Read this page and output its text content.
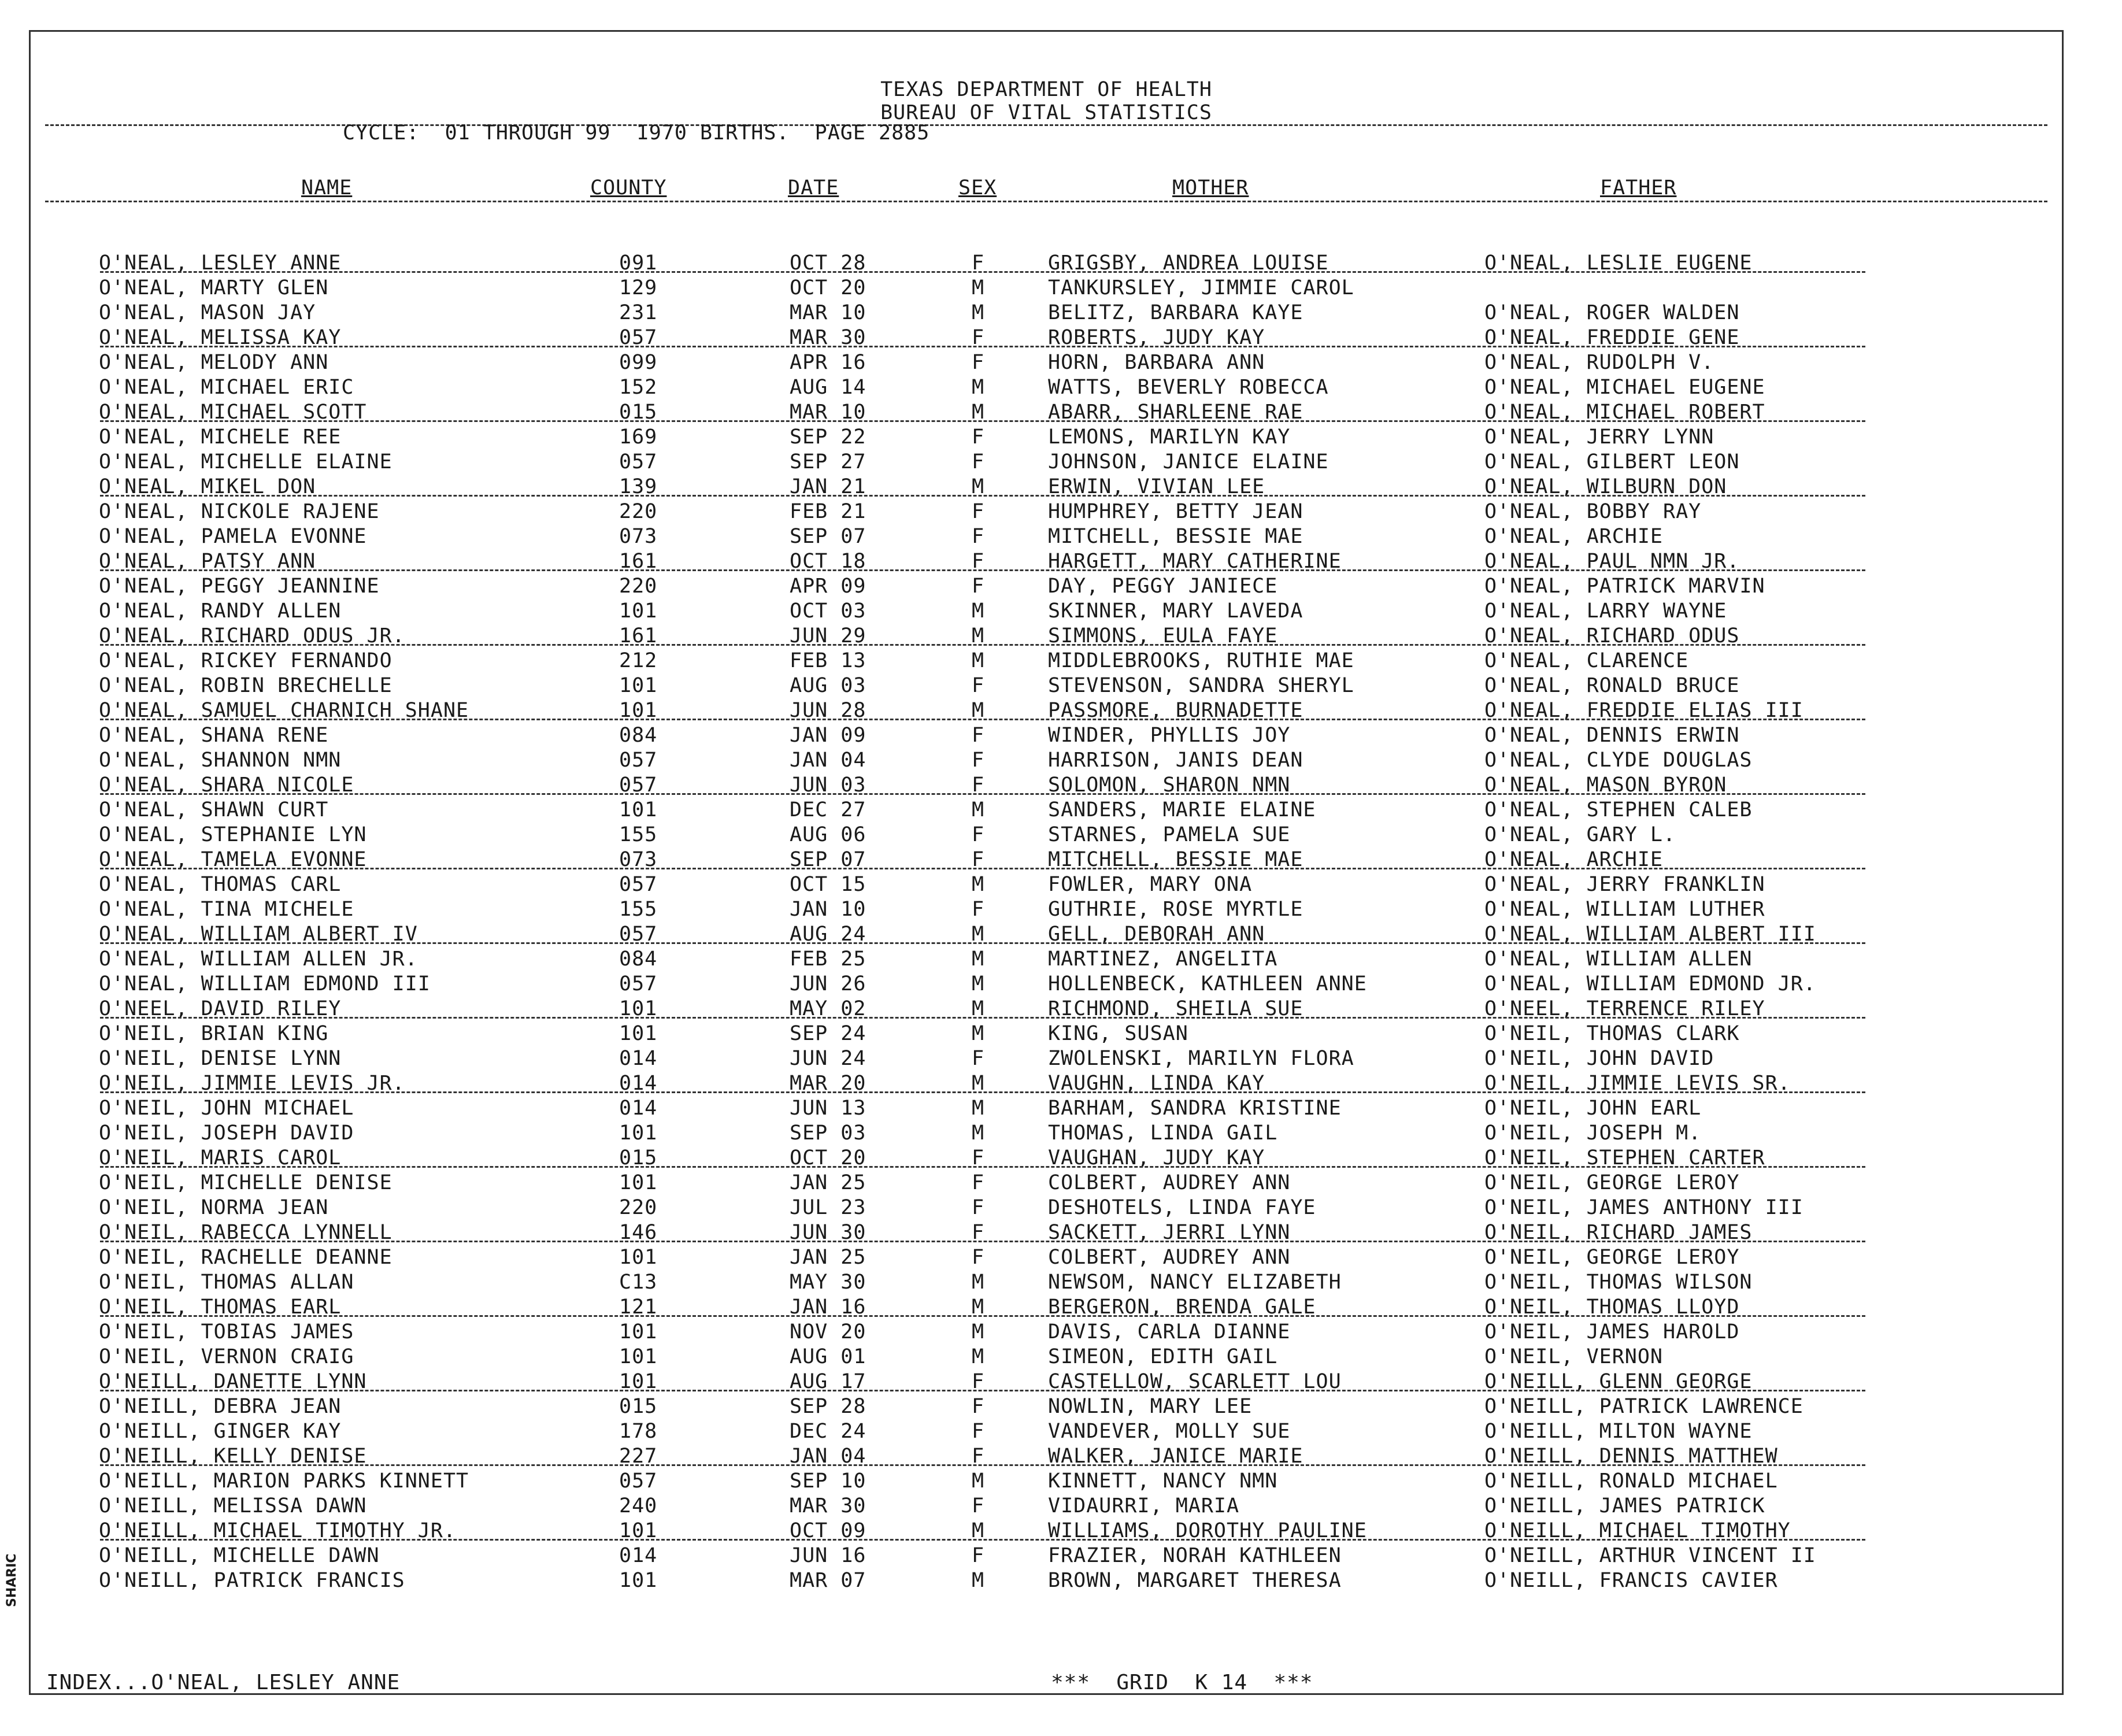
TEXAS DEPARTMENT OF HEALTH
BUREAU OF VITAL STATISTICS
CYCLE:  01 THROUGH 99  1970 BIRTHS.  PAGE 2885
NAME	COUNTY	DATE	SEX	MOTHER	FATHER
O'NEAL, LESLEY ANNE	091	OCT 28	F	GRIGSBY, ANDREA LOUISE	O'NEAL, LESLIE EUGENE
O'NEAL, MARTY GLEN	129	OCT 20	M	TANKURSLEY, JIMMIE CAROL
O'NEAL, MASON JAY	231	MAR 10	M	BELITZ, BARBARA KAYE	O'NEAL, ROGER WALDEN
O'NEAL, MELISSA KAY	057	MAR 30	F	ROBERTS, JUDY KAY	O'NEAL, FREDDIE GENE
O'NEAL, MELODY ANN	099	APR 16	F	HORN, BARBARA ANN	O'NEAL, RUDOLPH V.
O'NEAL, MICHAEL ERIC	152	AUG 14	M	WATTS, BEVERLY ROBECCA	O'NEAL, MICHAEL EUGENE
O'NEAL, MICHAEL SCOTT	015	MAR 10	M	ABARR, SHARLEENE RAE	O'NEAL, MICHAEL ROBERT
O'NEAL, MICHELE REE	169	SEP 22	F	LEMONS, MARILYN KAY	O'NEAL, JERRY LYNN
O'NEAL, MICHELLE ELAINE	057	SEP 27	F	JOHNSON, JANICE ELAINE	O'NEAL, GILBERT LEON
O'NEAL, MIKEL DON	139	JAN 21	M	ERWIN, VIVIAN LEE	O'NEAL, WILBURN DON
O'NEAL, NICKOLE RAJENE	220	FEB 21	F	HUMPHREY, BETTY JEAN	O'NEAL, BOBBY RAY
O'NEAL, PAMELA EVONNE	073	SEP 07	F	MITCHELL, BESSIE MAE	O'NEAL, ARCHIE
O'NEAL, PATSY ANN	161	OCT 18	F	HARGETT, MARY CATHERINE	O'NEAL, PAUL NMN JR.
O'NEAL, PEGGY JEANNINE	220	APR 09	F	DAY, PEGGY JANIECE	O'NEAL, PATRICK MARVIN
O'NEAL, RANDY ALLEN	101	OCT 03	M	SKINNER, MARY LAVEDA	O'NEAL, LARRY WAYNE
O'NEAL, RICHARD ODUS JR.	161	JUN 29	M	SIMMONS, EULA FAYE	O'NEAL, RICHARD ODUS
O'NEAL, RICKEY FERNANDO	212	FEB 13	M	MIDDLEBROOKS, RUTHIE MAE	O'NEAL, CLARENCE
O'NEAL, ROBIN BRECHELLE	101	AUG 03	F	STEVENSON, SANDRA SHERYL	O'NEAL, RONALD BRUCE
O'NEAL, SAMUEL CHARNICH SHANE	101	JUN 28	M	PASSMORE, BURNADETTE	O'NEAL, FREDDIE ELIAS III
O'NEAL, SHANA RENE	084	JAN 09	F	WINDER, PHYLLIS JOY	O'NEAL, DENNIS ERWIN
O'NEAL, SHANNON NMN	057	JAN 04	F	HARRISON, JANIS DEAN	O'NEAL, CLYDE DOUGLAS
O'NEAL, SHARA NICOLE	057	JUN 03	F	SOLOMON, SHARON NMN	O'NEAL, MASON BYRON
O'NEAL, SHAWN CURT	101	DEC 27	M	SANDERS, MARIE ELAINE	O'NEAL, STEPHEN CALEB
O'NEAL, STEPHANIE LYN	155	AUG 06	F	STARNES, PAMELA SUE	O'NEAL, GARY L.
O'NEAL, TAMELA EVONNE	073	SEP 07	F	MITCHELL, BESSIE MAE	O'NEAL, ARCHIE
O'NEAL, THOMAS CARL	057	OCT 15	M	FOWLER, MARY ONA	O'NEAL, JERRY FRANKLIN
O'NEAL, TINA MICHELE	155	JAN 10	F	GUTHRIE, ROSE MYRTLE	O'NEAL, WILLIAM LUTHER
O'NEAL, WILLIAM ALBERT IV	057	AUG 24	M	GELL, DEBORAH ANN	O'NEAL, WILLIAM ALBERT III
O'NEAL, WILLIAM ALLEN JR.	084	FEB 25	M	MARTINEZ, ANGELITA	O'NEAL, WILLIAM ALLEN
O'NEAL, WILLIAM EDMOND III	057	JUN 26	M	HOLLENBECK, KATHLEEN ANNE	O'NEAL, WILLIAM EDMOND JR.
O'NEEL, DAVID RILEY	101	MAY 02	M	RICHMOND, SHEILA SUE	O'NEEL, TERRENCE RILEY
O'NEIL, BRIAN KING	101	SEP 24	M	KING, SUSAN	O'NEIL, THOMAS CLARK
O'NEIL, DENISE LYNN	014	JUN 24	F	ZWOLENSKI, MARILYN FLORA	O'NEIL, JOHN DAVID
O'NEIL, JIMMIE LEVIS JR.	014	MAR 20	M	VAUGHN, LINDA KAY	O'NEIL, JIMMIE LEVIS SR.
O'NEIL, JOHN MICHAEL	014	JUN 13	M	BARHAM, SANDRA KRISTINE	O'NEIL, JOHN EARL
O'NEIL, JOSEPH DAVID	101	SEP 03	M	THOMAS, LINDA GAIL	O'NEIL, JOSEPH M.
O'NEIL, MARIS CAROL	015	OCT 20	F	VAUGHAN, JUDY KAY	O'NEIL, STEPHEN CARTER
O'NEIL, MICHELLE DENISE	101	JAN 25	F	COLBERT, AUDREY ANN	O'NEIL, GEORGE LEROY
O'NEIL, NORMA JEAN	220	JUL 23	F	DESHOTELS, LINDA FAYE	O'NEIL, JAMES ANTHONY III
O'NEIL, RABECCA LYNNELL	146	JUN 30	F	SACKETT, JERRI LYNN	O'NEIL, RICHARD JAMES
O'NEIL, RACHELLE DEANNE	101	JAN 25	F	COLBERT, AUDREY ANN	O'NEIL, GEORGE LEROY
O'NEIL, THOMAS ALLAN	C13	MAY 30	M	NEWSOM, NANCY ELIZABETH	O'NEIL, THOMAS WILSON
O'NEIL, THOMAS EARL	121	JAN 16	M	BERGERON, BRENDA GALE	O'NEIL, THOMAS LLOYD
O'NEIL, TOBIAS JAMES	101	NOV 20	M	DAVIS, CARLA DIANNE	O'NEIL, JAMES HAROLD
O'NEIL, VERNON CRAIG	101	AUG 01	M	SIMEON, EDITH GAIL	O'NEIL, VERNON
O'NEILL, DANETTE LYNN	101	AUG 17	F	CASTELLOW, SCARLETT LOU	O'NEILL, GLENN GEORGE
O'NEILL, DEBRA JEAN	015	SEP 28	F	NOWLIN, MARY LEE	O'NEILL, PATRICK LAWRENCE
O'NEILL, GINGER KAY	178	DEC 24	F	VANDEVER, MOLLY SUE	O'NEILL, MILTON WAYNE
O'NEILL, KELLY DENISE	227	JAN 04	F	WALKER, JANICE MARIE	O'NEILL, DENNIS MATTHEW
O'NEILL, MARION PARKS KINNETT	057	SEP 10	M	KINNETT, NANCY NMN	O'NEILL, RONALD MICHAEL
O'NEILL, MELISSA DAWN	240	MAR 30	F	VIDAURRI, MARIA	O'NEILL, JAMES PATRICK
O'NEILL, MICHAEL TIMOTHY JR.	101	OCT 09	M	WILLIAMS, DOROTHY PAULINE	O'NEILL, MICHAEL TIMOTHY
O'NEILL, MICHELLE DAWN	014	JUN 16	F	FRAZIER, NORAH KATHLEEN	O'NEILL, ARTHUR VINCENT II
O'NEILL, PATRICK FRANCIS	101	MAR 07	M	BROWN, MARGARET THERESA	O'NEILL, FRANCIS CAVIER
INDEX...O'NEAL, LESLEY ANNE	***  GRID  K 14  ***
SHARIC
